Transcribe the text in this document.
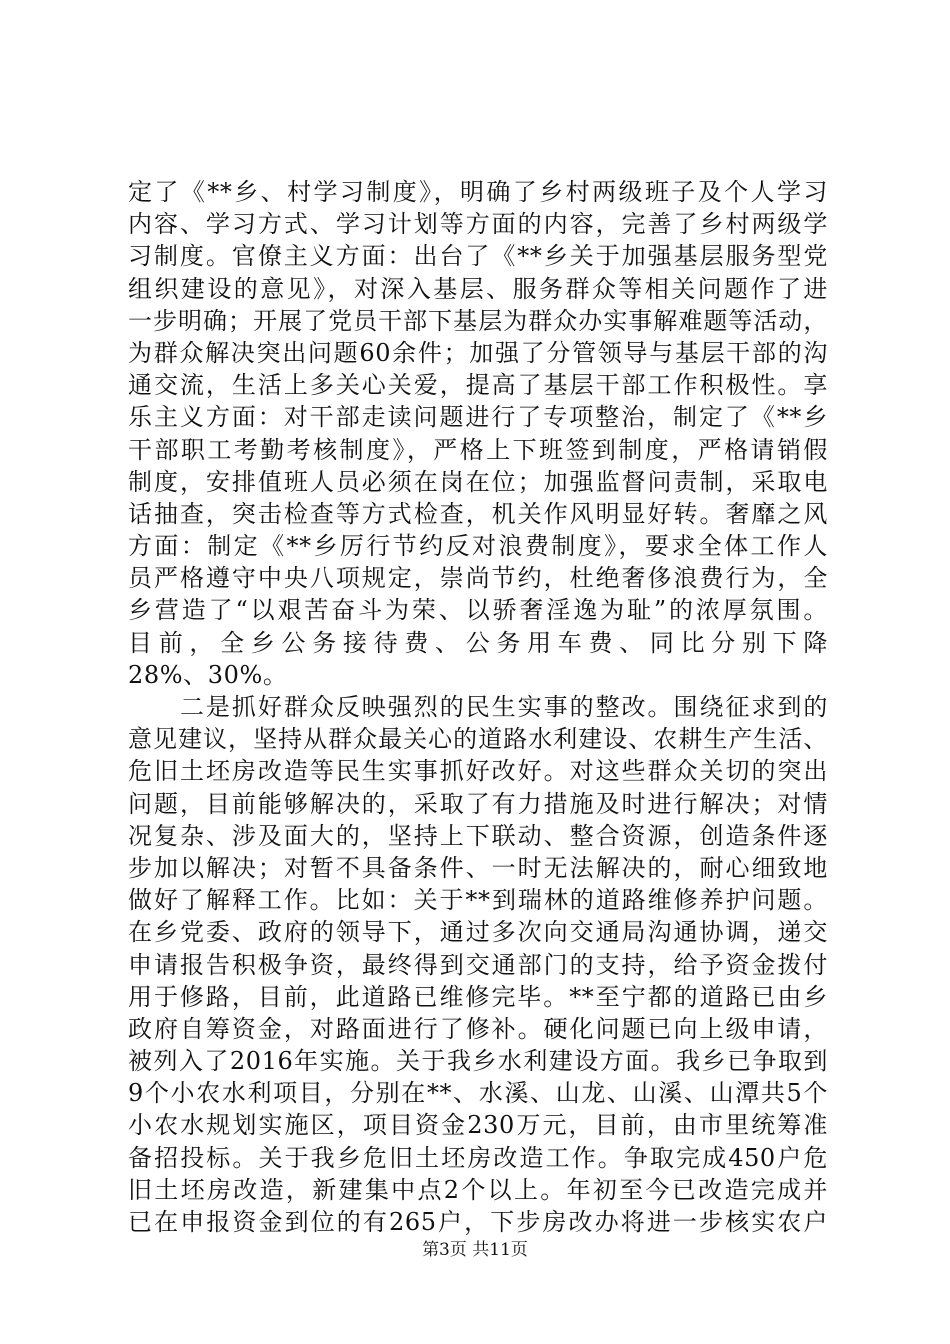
定了《**乡、村学习制度》，明确了乡村两级班子及个人学习
内容、学习方式、学习计划等方面的内容，完善了乡村两级学
习制度。官僚主义方面：出台了《**乡关于加强基层服务型党
组织建设的意见》，对深入基层、服务群众等相关问题作了进
一步明确；开展了党员干部下基层为群众办实事解难题等活动，
为群众解决突出问题60余件；加强了分管领导与基层干部的沟
通交流，生活上多关心关爱，提高了基层干部工作积极性。享
乐主义方面：对干部走读问题进行了专项整治，制定了《**乡
干部职工考勤考核制度》，严格上下班签到制度，严格请销假
制度，安排值班人员必须在岗在位；加强监督问责制，采取电
话抽查，突击检查等方式检查，机关作风明显好转。奢靡之风
方面：制定《**乡厉行节约反对浪费制度》，要求全体工作人
员严格遵守中央八项规定，崇尚节约，杜绝奢侈浪费行为，全
乡营造了“以艰苦奋斗为荣、以骄奢淫逸为耻”的浓厚氛围。
目前，全乡公务接待费、公务用车费、同比分别下降
28%、30%。
　　二是抓好群众反映强烈的民生实事的整改。围绕征求到的
意见建议，坚持从群众最关心的道路水利建设、农耕生产生活、
危旧土坯房改造等民生实事抓好改好。对这些群众关切的突出
问题，目前能够解决的，采取了有力措施及时进行解决；对情
况复杂、涉及面大的，坚持上下联动、整合资源，创造条件逐
步加以解决；对暂不具备条件、一时无法解决的，耐心细致地
做好了解释工作。比如：关于**到瑞林的道路维修养护问题。
在乡党委、政府的领导下，通过多次向交通局沟通协调，递交
申请报告积极争资，最终得到交通部门的支持，给予资金拨付
用于修路，目前，此道路已维修完毕。**至宁都的道路已由乡
政府自筹资金，对路面进行了修补。硬化问题已向上级申请，
被列入了2016年实施。关于我乡水利建设方面。我乡已争取到
9个小农水利项目，分别在**、水溪、山龙、山溪、山潭共5个
小农水规划实施区，项目资金230万元，目前，由市里统筹准
备招投标。关于我乡危旧土坯房改造工作。争取完成450户危
旧土坯房改造，新建集中点2个以上。年初至今已改造完成并
已在申报资金到位的有265户，下步房改办将进一步核实农户
第3页 共11页
